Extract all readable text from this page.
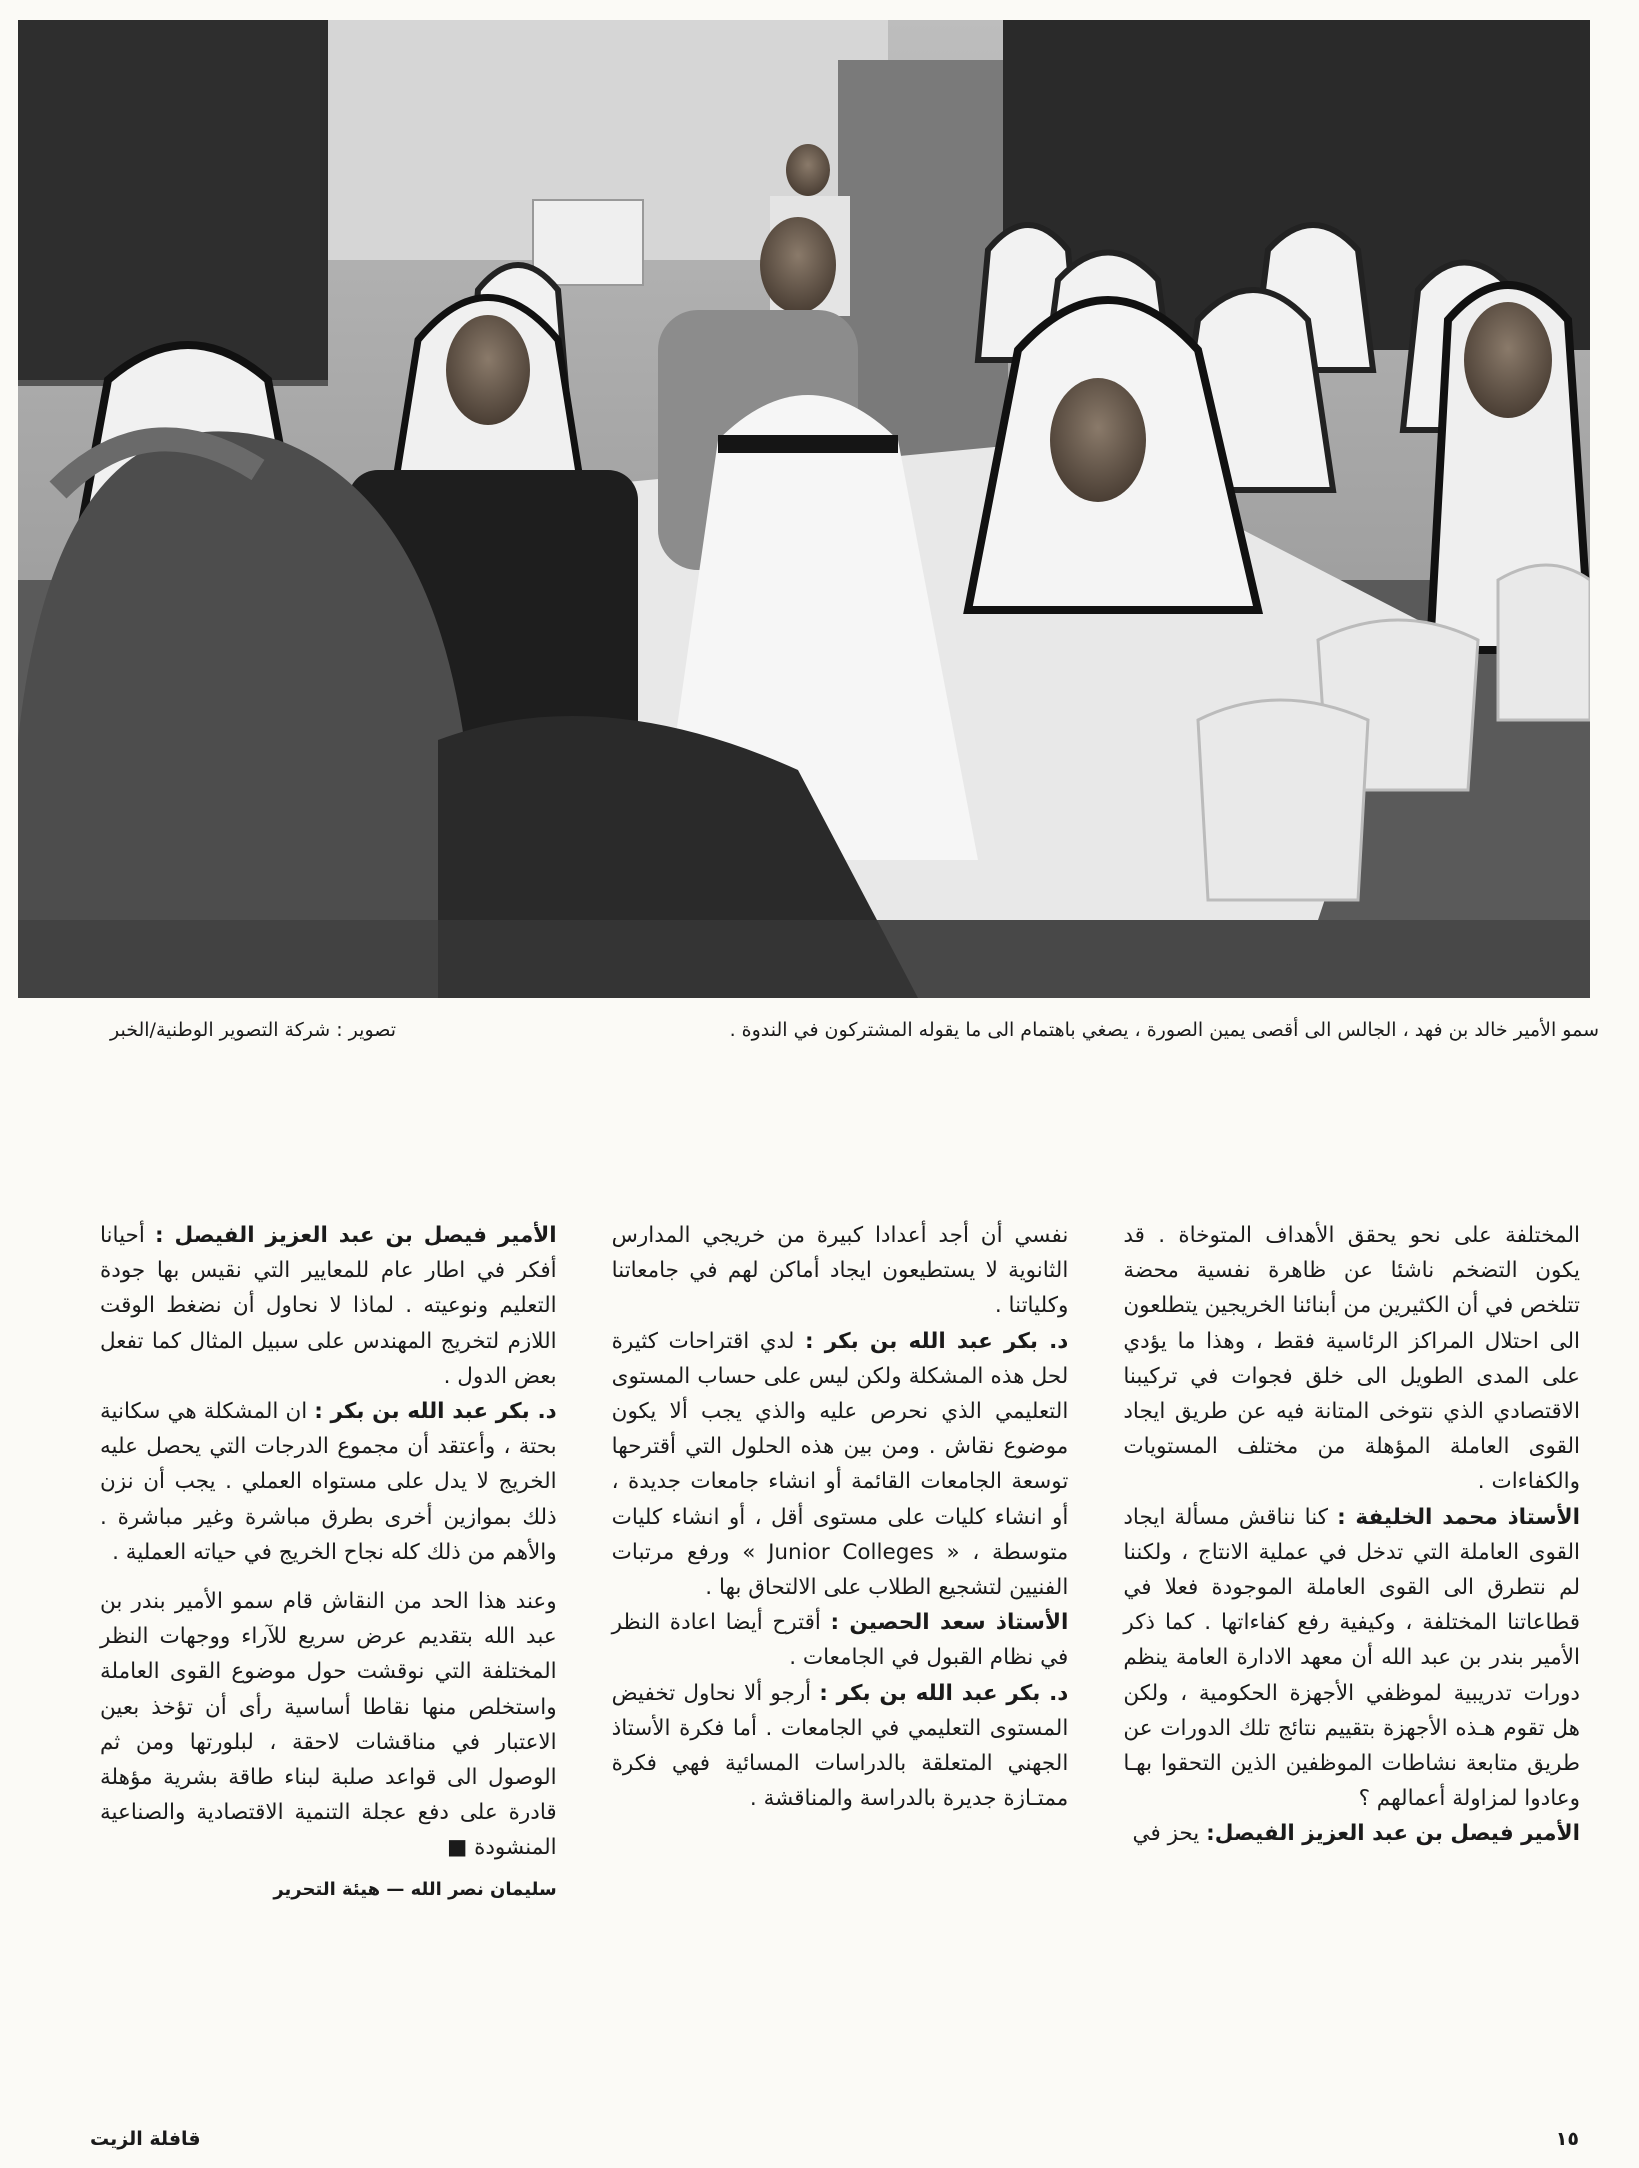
سمو الأمير خالد بن فهد ، الجالس الى أقصى يمين الصورة ، يصغي باهتمام الى ما يقوله المشتركون في الندوة .
تصوير : شركة التصوير الوطنية/الخبر

المختلفة على نحو يحقق الأهداف المتوخاة . قد يكون التضخم ناشئا عن ظاهرة نفسية محضة تتلخص في أن الكثيرين من أبنائنا الخريجين يتطلعون الى احتلال المراكز الرئاسية فقط ، وهذا ما يؤدي على المدى الطويل الى خلق فجوات في تركيبنا الاقتصادي الذي نتوخى المتانة فيه عن طريق ايجاد القوى العاملة المؤهلة من مختلف المستويات والكفاءات .

الأستاذ محمد الخليفة : كنا نناقش مسألة ايجاد القوى العاملة التي تدخل في عملية الانتاج ، ولكننا لم نتطرق الى القوى العاملة الموجودة فعلا في قطاعاتنا المختلفة ، وكيفية رفع كفاءاتها . كما ذكر الأمير بندر بن عبد الله أن معهد الادارة العامة ينظم دورات تدريبية لموظفي الأجهزة الحكومية ، ولكن هل تقوم هـذه الأجهزة بتقييم نتائج تلك الدورات عن طريق متابعة نشاطات الموظفين الذين التحقوا بهـا وعادوا لمزاولة أعمالهم ؟

الأمير فيصل بن عبد العزيز الفيصل: يحز في

نفسي أن أجد أعدادا كبيرة من خريجي المدارس الثانوية لا يستطيعون ايجاد أماكن لهم في جامعاتنا وكلياتنا .

د. بكر عبد الله بن بكر : لدي اقتراحات كثيرة لحل هذه المشكلة ولكن ليس على حساب المستوى التعليمي الذي نحرص عليه والذي يجب ألا يكون موضوع نقاش . ومن بين هذه الحلول التي أقترحها توسعة الجامعات القائمة أو انشاء جامعات جديدة ، أو انشاء كليات على مستوى أقل ، أو انشاء كليات متوسطة ، « Junior Colleges » ورفع مرتبات الفنيين لتشجيع الطلاب على الالتحاق بها .

الأستاذ سعد الحصين : أقترح أيضا اعادة النظر في نظام القبول في الجامعات .

د. بكر عبد الله بن بكر : أرجو ألا نحاول تخفيض المستوى التعليمي في الجامعات . أما فكرة الأستاذ الجهني المتعلقة بالدراسات المسائية فهي فكرة ممتـازة جديرة بالدراسة والمناقشة .

الأمير فيصل بن عبد العزيز الفيصل : أحيانا أفكر في اطار عام للمعايير التي نقيس بها جودة التعليم ونوعيته . لماذا لا نحاول أن نضغط الوقت اللازم لتخريج المهندس على سبيل المثال كما تفعل بعض الدول .

د. بكر عبد الله بن بكر : ان المشكلة هي سكانية بحتة ، وأعتقد أن مجموع الدرجات التي يحصل عليه الخريج لا يدل على مستواه العملي . يجب أن نزن ذلك بموازين أخرى بطرق مباشرة وغير مباشرة . والأهم من ذلك كله نجاح الخريج في حياته العملية .

وعند هذا الحد من النقاش قام سمو الأمير بندر بن عبد الله بتقديم عرض سريع للآراء ووجهات النظر المختلفة التي نوقشت حول موضوع القوى العاملة واستخلص منها نقاطا أساسية رأى أن تؤخذ بعين الاعتبار في مناقشات لاحقة ، لبلورتها ومن ثم الوصول الى قواعد صلبة لبناء طاقة بشرية مؤهلة قادرة على دفع عجلة التنمية الاقتصادية والصناعية المنشودة ■

سليمان نصر الله — هيئة التحرير

١٥
قافلة الزيت
